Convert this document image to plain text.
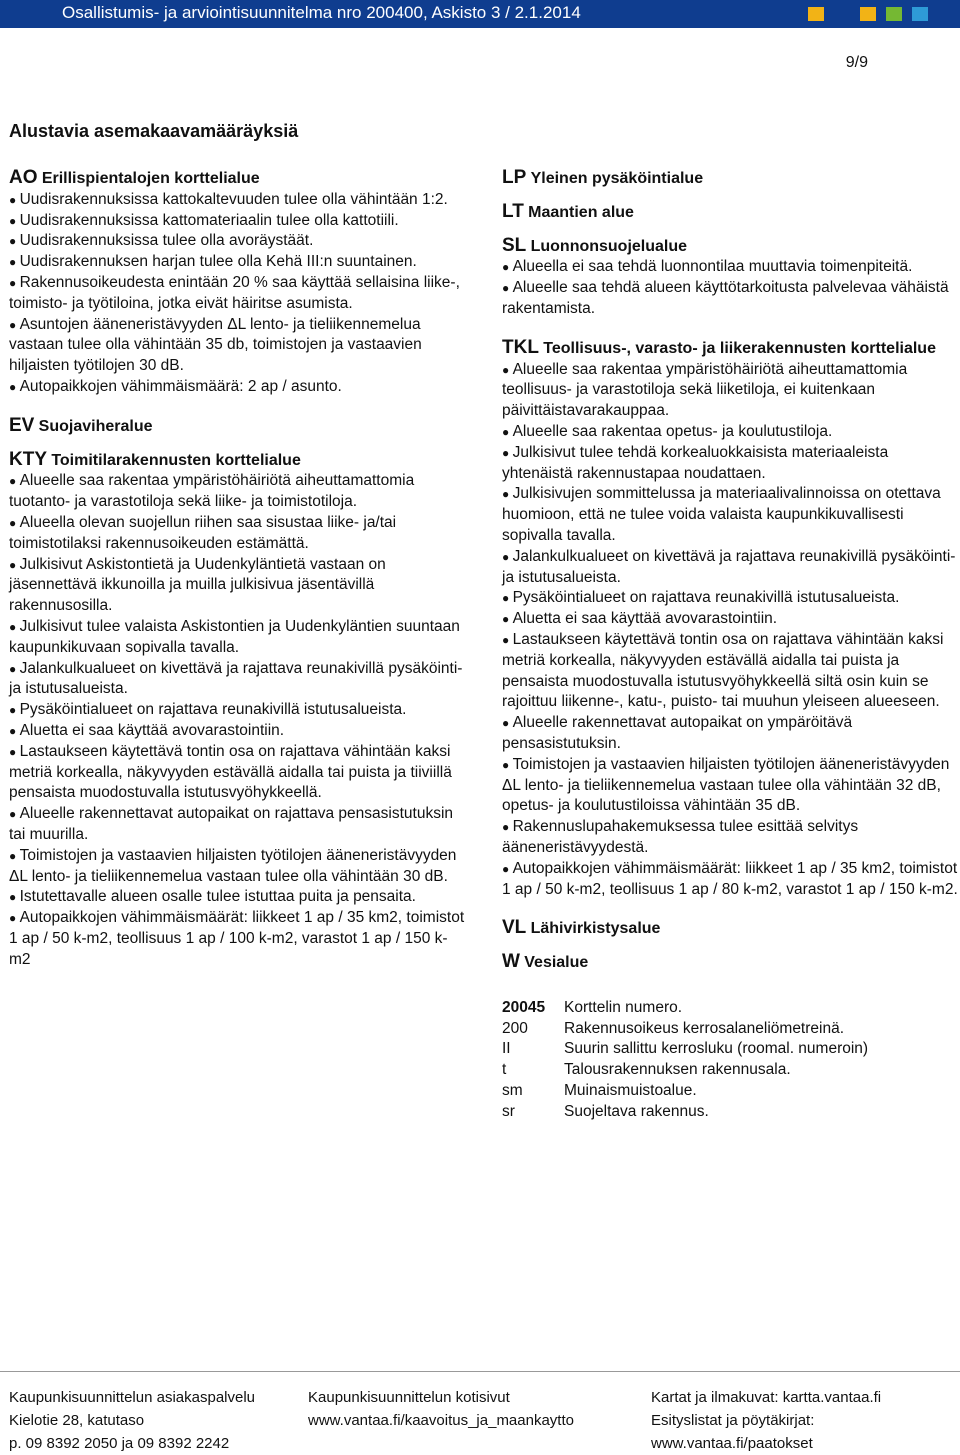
Osallistumis- ja arviointisuunnitelma nro 200400, Askisto 3 / 2.1.2014
9/9
Alustavia asemakaavamääräyksiä
AO Erillispientalojen korttelialue
● Uudisrakennuksissa kattokaltevuuden tulee olla vähintään 1:2.
● Uudisrakennuksissa kattomateriaalin tulee olla kattotiili.
● Uudisrakennuksissa tulee olla avoräystäät.
● Uudisrakennuksen harjan tulee olla Kehä III:n suuntainen.
● Rakennusoikeudesta enintään 20 % saa käyttää sellaisina liike-, toimisto- ja työtiloina, jotka eivät häiritse asumista.
● Asuntojen ääneneristävyyden ΔL lento- ja tieliikennemelua vastaan tulee olla vähintään 35 db, toimistojen ja vastaavien hiljaisten työtilojen 30 dB.
● Autopaikkojen vähimmäismäärä: 2 ap / asunto.
EV Suojaviheralue
KTY Toimitilarakennusten korttelialue
● Alueelle saa rakentaa ympäristöhäiriötä aiheuttamattomia tuotanto- ja varastotiloja sekä liike- ja toimistotiloja.
● Alueella olevan suojellun riihen saa sisustaa liike- ja/tai toimistotilaksi rakennusoikeuden estämättä.
● Julkisivut Askistontietä ja Uudenkyläntietä vastaan on jäsennettävä ikkunoilla ja muilla julkisivua jäsentävillä rakennusosilla.
● Julkisivut tulee valaista Askistontien ja Uudenkyläntien suuntaan kaupunkikuvaan sopivalla tavalla.
● Jalankulkualueet on kivettävä ja rajattava reunakivillä pysäköinti- ja istutusalueista.
● Pysäköintialueet on rajattava reunakivillä istutusalueista.
● Aluetta ei saa käyttää avovarastointiin.
● Lastaukseen käytettävä tontin osa on rajattava vähintään kaksi metriä korkealla, näkyvyyden estävällä aidalla tai puista ja tiiviillä pensaista muodostuvalla istutusvyöhykkeellä.
● Alueelle rakennettavat autopaikat on rajattava pensasistutuksin tai muurilla.
● Toimistojen ja vastaavien hiljaisten työtilojen ääneneristävyyden ΔL lento- ja tieliikennemelua vastaan tulee olla vähintään 30 dB.
● Istutettavalle alueen osalle tulee istuttaa puita ja pensaita.
● Autopaikkojen vähimmäismäärät: liikkeet 1 ap / 35 km2, toimistot 1 ap / 50 k-m2, teollisuus 1 ap / 100 k-m2, varastot 1 ap / 150 k-m2
LP Yleinen pysäköintialue
LT Maantien alue
SL Luonnonsuojelualue
● Alueella ei saa tehdä luonnontilaa muuttavia toimenpiteitä.
● Alueelle saa tehdä alueen käyttötarkoitusta palvelevaa vähäistä rakentamista.
TKL Teollisuus-, varasto- ja liikerakennusten korttelialue
● Alueelle saa rakentaa ympäristöhäiriötä aiheuttamattomia teollisuus- ja varastotiloja sekä liiketiloja, ei kuitenkaan päivittäistavarakauppaa.
● Alueelle saa rakentaa opetus- ja koulutustiloja.
● Julkisivut tulee tehdä korkealuokkaisista materiaaleista yhtenäistä rakennustapaa noudattaen.
● Julkisivujen sommittelussa ja materiaalivalinnoissa on otettava huomioon, että ne tulee voida valaista kaupunkikuvallisesti sopivalla tavalla.
● Jalankulkualueet on kivettävä ja rajattava reunakivillä pysäköinti- ja istutusalueista.
● Pysäköintialueet on rajattava reunakivillä istutusalueista.
● Aluetta ei saa käyttää avovarastointiin.
● Lastaukseen käytettävä tontin osa on rajattava vähintään kaksi metriä korkealla, näkyvyyden estävällä aidalla tai puista ja pensaista muodostuvalla istutusvyöhykkeellä siltä osin kuin se rajoittuu liikenne-, katu-, puisto- tai muuhun yleiseen alueeseen.
● Alueelle rakennettavat autopaikat on ympäröitävä pensasistutuksin.
● Toimistojen ja vastaavien hiljaisten työtilojen ääneneristävyyden ΔL lento- ja tieliikennemelua vastaan tulee olla vähintään 32 dB, opetus- ja koulutustiloissa vähintään 35 dB.
● Rakennuslupahakemuksessa tulee esittää selvitys ääneneristävyydestä.
● Autopaikkojen vähimmäismäärät: liikkeet 1 ap / 35 km2, toimistot 1 ap / 50 k-m2, teollisuus 1 ap / 80 k-m2, varastot 1 ap / 150 k-m2.
VL Lähivirkistysalue
W Vesialue
20045	Korttelin numero.
200	Rakennusoikeus kerrosalaneliömetreinä.
II	Suurin sallittu kerrosluku (roomal. numeroin)
t	Talousrakennuksen rakennusala.
sm	Muinaismuistoalue.
sr	Suojeltava rakennus.
Kaupunkisuunnittelun asiakaspalvelu
Kielotie 28, katutaso
p. 09 8392 2050 ja 09 8392 2242
Kaupunkisuunnittelun kotisivut
www.vantaa.fi/kaavoitus_ja_maankaytto
Kartat ja ilmakuvat: kartta.vantaa.fi
Esityslistat ja pöytäkirjat:
www.vantaa.fi/paatokset
